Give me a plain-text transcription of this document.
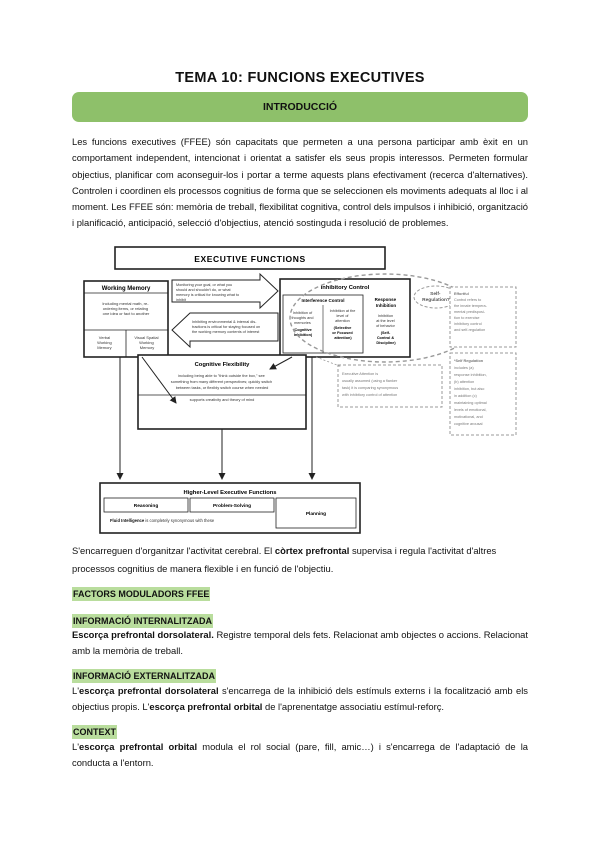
TEMA 10: FUNCIONS EXECUTIVES
INTRODUCCIÓ

Les funcions executives (FFEE) són capacitats que permeten a una persona participar amb èxit en un comportament independent, intencionat i orientat a satisfer els seus propis interessos. Permeten formular objectius, planificar com aconseguir-los i portar a terme aquests plans efectivament (recerca d'alternatives). Controlen i coordinen els processos cognitius de forma que se seleccionen els moviments adequats al lloc i al moment. Les FFEE són: memòria de treball, flexibilitat cognitiva, control dels impulsos i inhibició, organització i planificació, anticipació, selecció d'objectius, atenció sostinguda i resolució de problemes.

EXECUTIVE FUNCTIONS
Working Memory
Including mental math, re- ordering items, or relating one idea or fact to another
Verbal Working Memory Visual Spatial Working Memory
Monitoring your goal, or what you should and shouldn't do, or what memory is critical for knowing what to inhibit
Inhibiting environmental & internal dis- tractions is critical for staying focused on the working memory contents of interest
Inhibitory Control
Interference Control
Inhibition of thoughts and memories (Cognitive Inhibition)
Inhibition at the level of attention (Selective or Focused attention)
Response Inhibition
Inhibition at the level of behavior (Self- Control & Discipline)
Self- Regulation?
Effortful Control refers to the innate tempera- mental predisposi- tion to exercise inhibitory control and self-regulation
*Self Regulation includes (a) response inhibition, (b) attention inhibition, but also in addition (c) maintaining optimal levels of emotional, motivational, and cognitive arousal
Executive Attention is usually assumed (using a flanker task) it is comparing synonymous with inhibitory control of attention
Cognitive Flexibility
including being able to "think outside the box," see something from many different perspectives; quickly switch between tasks, or flexibly switch course when needed
supports creativity and theory of mind
Higher-Level Executive Functions
Reasoning	Problem-Solving
Planning
Fluid Intelligence is completely synonymous with these

S'encarreguen d'organitzar l'activitat cerebral. El còrtex prefrontal supervisa i regula l'activitat d'altres processos cognitius de manera flexible i en funció de l'objectiu.

FACTORS MODULADORS FFEE
INFORMACIÓ INTERNALITZADA

Escorça prefrontal dorsolateral. Registre temporal dels fets. Relacionat amb objectes o accions. Relacionat amb la memòria de treball.

INFORMACIÓ EXTERNALITZADA

L'escorça prefrontal dorsolateral s'encarrega de la inhibició dels estímuls externs i la focalització amb els objectius propis. L'escorça prefrontal orbital de l'aprenentatge associatiu estímul-reforç.

CONTEXT

L'escorça prefrontal orbital modula el rol social (pare, fill, amic…) i s'encarrega de l'adaptació de la conducta a l'entorn.
